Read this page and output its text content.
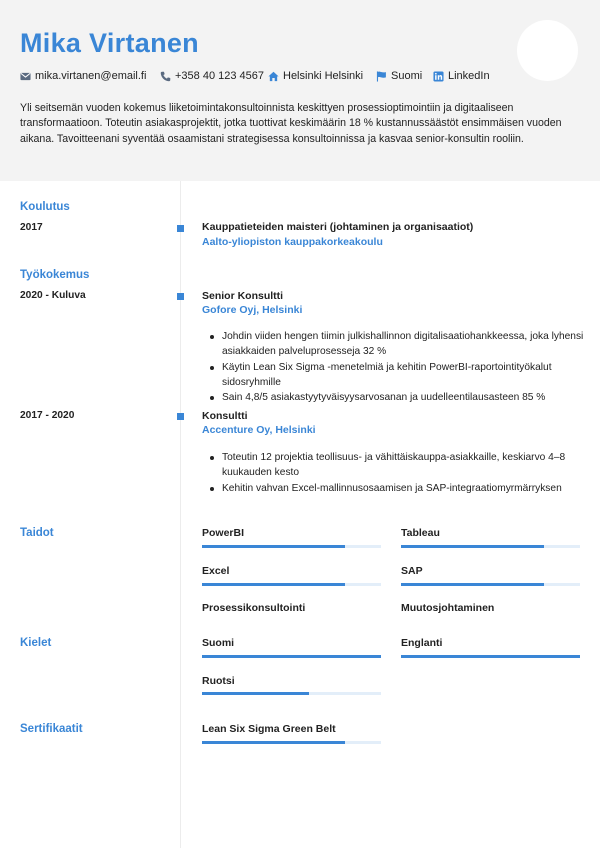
Mika Virtanen
mika.virtanen@email.fi	+358 40 123 4567 Helsinki Helsinki	Suomi LinkedIn

Yli seitsemän vuoden kokemus liiketoimintakonsultoinnista keskittyen prosessioptimointiin ja digitaaliseen transformaatioon. Toteutin asiakasprojektit, jotka tuottivat keskimäärin 18 % kustannussäästöt ensimmäisen vuoden aikana. Tavoitteenani syventää osaamistani strategisessa konsultoinnissa ja kasvaa senior-konsultin rooliin.

Koulutus
2017	Kauppatieteiden maisteri (johtaminen ja organisaatiot)
Aalto-yliopiston kauppakorkeakoulu
Työkokemus
2020 - Kuluva	Senior Konsultti
Gofore Oyj, Helsinki
Johdin viiden hengen tiimin julkishallinnon digitalisaatiohankkeessa, joka lyhensi asiakkaiden palveluprosesseja 32 %
Käytin Lean Six Sigma -menetelmiä ja kehitin PowerBI-raportointityökalut sidosryhmille
Sain 4,8/5 asiakastyytyväisyysarvosanan ja uudelleentilausasteen 85 %
2017 - 2020	Konsultti
Accenture Oy, Helsinki
Toteutin 12 projektia teollisuus- ja vähittäiskauppa-asiakkaille, keskiarvo 4–8 kuukauden kesto
Kehitin vahvan Excel-mallinnusosaamisen ja SAP-integraatiomyrmärryksen
Taidot	PowerBI	Tableau
Excel	SAP
Prosessikonsultointi	Muutosjohtaminen
Kielet	Suomi	Englanti
Ruotsi
Sertifikaatit	Lean Six Sigma Green Belt
